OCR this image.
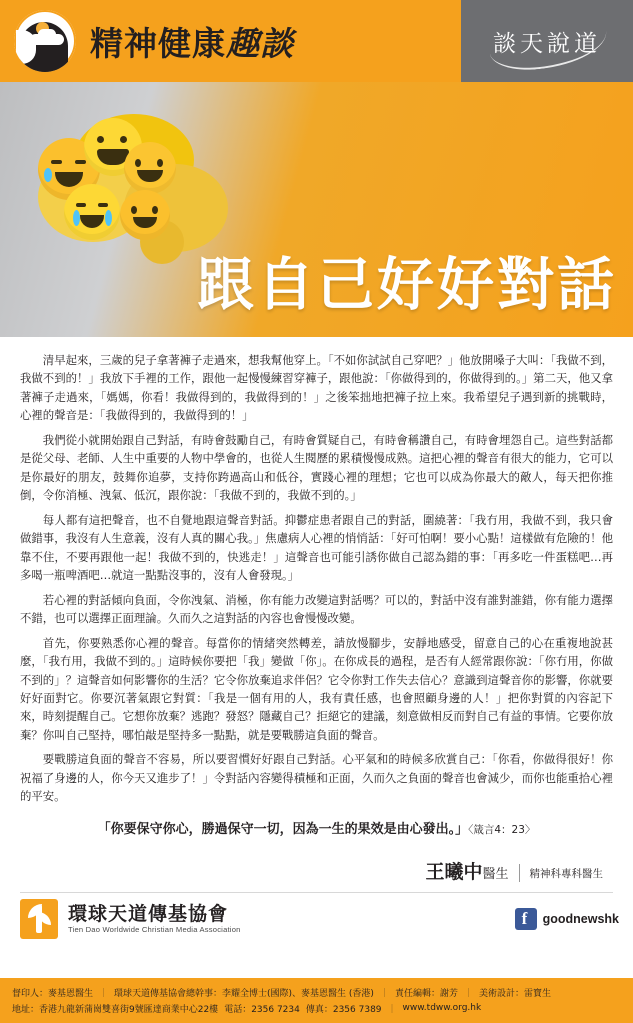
精神健康趣談	談天說道
跟自己好好對話

清早起來，三歲的兒子拿著褲子走過來，想我幫他穿上。「不如你試試自己穿吧？」他放開嗓子大叫：「我做不到，我做不到的！」我放下手裡的工作，跟他一起慢慢練習穿褲子，跟他說：「你做得到的，你做得到的。」第二天，他又拿著褲子走過來，「媽媽，你看！我做得到的，我做得到的！」之後笨拙地把褲子拉上來。我希望兒子遇到新的挑戰時，心裡的聲音是：「我做得到的，我做得到的！」

我們從小就開始跟自己對話，有時會鼓勵自己，有時會質疑自己，有時會稱讚自己，有時會埋怨自己。這些對話都是從父母、老師、人生中重要的人物中學會的，也從人生閱歷的累積慢慢成熟。這把心裡的聲音有很大的能力，它可以是你最好的朋友，鼓舞你追夢，支持你跨過高山和低谷，實踐心裡的理想；它也可以成為你最大的敵人，每天把你推倒，令你消極、洩氣、低沉，跟你說：「我做不到的，我做不到的。」

每人都有這把聲音，也不自覺地跟這聲音對話。抑鬱症患者跟自己的對話，圍繞著：「我冇用，我做不到，我只會做錯事，我沒有人生意義，沒有人真的關心我。」焦慮病人心裡的悄悄話：「好可怕啊！要小心點！這樣做有危險的！他靠不住，不要再跟他一起！我做不到的，快逃走！」這聲音也可能引誘你做自己認為錯的事：「再多吃一件蛋糕吧…再多喝一瓶啤酒吧…就這一點點沒事的，沒有人會發現。」

若心裡的對話傾向負面，令你洩氣、消極，你有能力改變這對話嗎？可以的，對話中沒有誰對誰錯，你有能力選擇不錯，也可以選擇正面理論。久而久之這對話的內容也會慢慢改變。

首先，你要熟悉你心裡的聲音。每當你的情緒突然轉差，請放慢腳步，安靜地感受，留意自己的心在重複地說甚麼，「我冇用，我做不到的。」這時候你要把「我」變做「你」。在你成長的過程，是否有人經常跟你說：「你冇用，你做不到的」？這聲音如何影響你的生活？它令你放棄追求伴侶？它令你對工作失去信心？意識到這聲音你的影響，你就要好好面對它。你要沉著氣跟它對質：「我是一個有用的人，我有責任感，也會照顧身邊的人！」把你對質的內容記下來，時刻提醒自己。它想你放棄？逃跑？發怒？隱藏自己？拒絕它的建議，刻意做相反而對自己有益的事情。它要你放棄？你叫自己堅持，哪怕敲是堅持多一點點，就是要戰勝這負面的聲音。

要戰勝這負面的聲音不容易，所以要習慣好好跟自己對話。心平氣和的時候多欣賞自己：「你看，你做得很好！你祝福了身邊的人，你今天又進步了！」令對話內容變得積極和正面，久而久之負面的聲音也會減少，而你也能重拾心裡的平安。

「你要保守你心，勝過保守一切，因為一生的果效是由心發出。」〈箴言4：23〉
王曦中醫生 精神科專科醫生
環球天道傳基協會
Tien Dao Worldwide Christian Media Association
f
goodnewshk
督印人：麥基恩醫生 ｜ 環球天道傳基協會總幹事：李耀全博士(國際)、麥基恩醫生 (香港) ｜ 責任編輯：謝芳 ｜ 美術設計：雷寶生
地址：香港九龍新蒲崗雙喜街9號匯達商業中心22樓 電話：2356 7234 傳真：2356 7389 ｜ www.tdww.org.hk
